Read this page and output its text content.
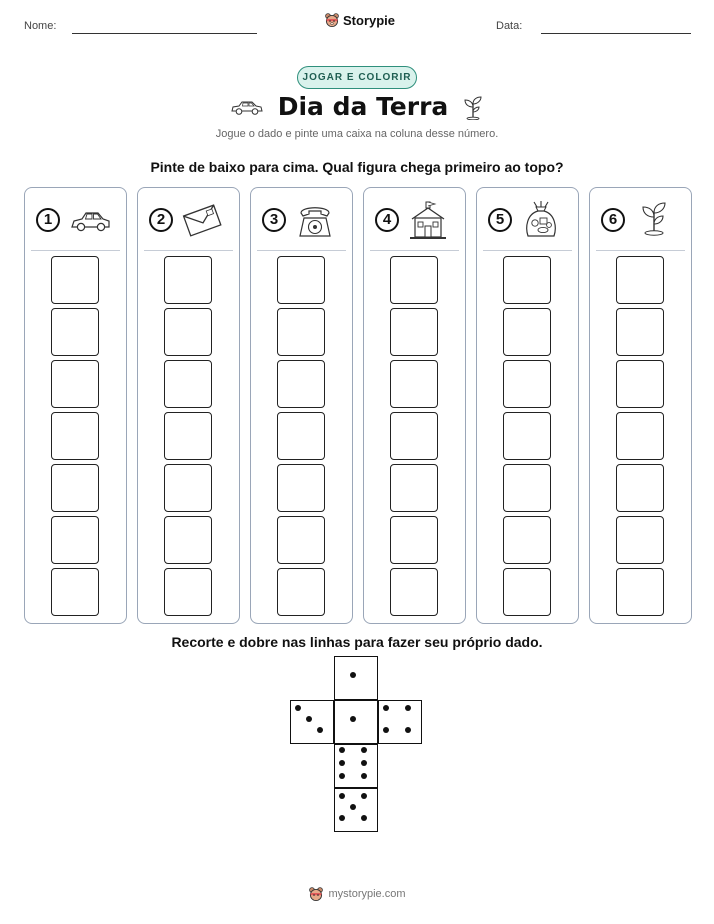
Nome:	Storypie	Data:
JOGAR E COLORIR
Dia da Terra
Jogue o dado e pinte uma caixa na coluna desse número.
Pinte de baixo para cima. Qual figura chega primeiro ao topo?
1	2	3	4	5	6
Recorte e dobre nas linhas para fazer seu próprio dado.
mystorypie.com
